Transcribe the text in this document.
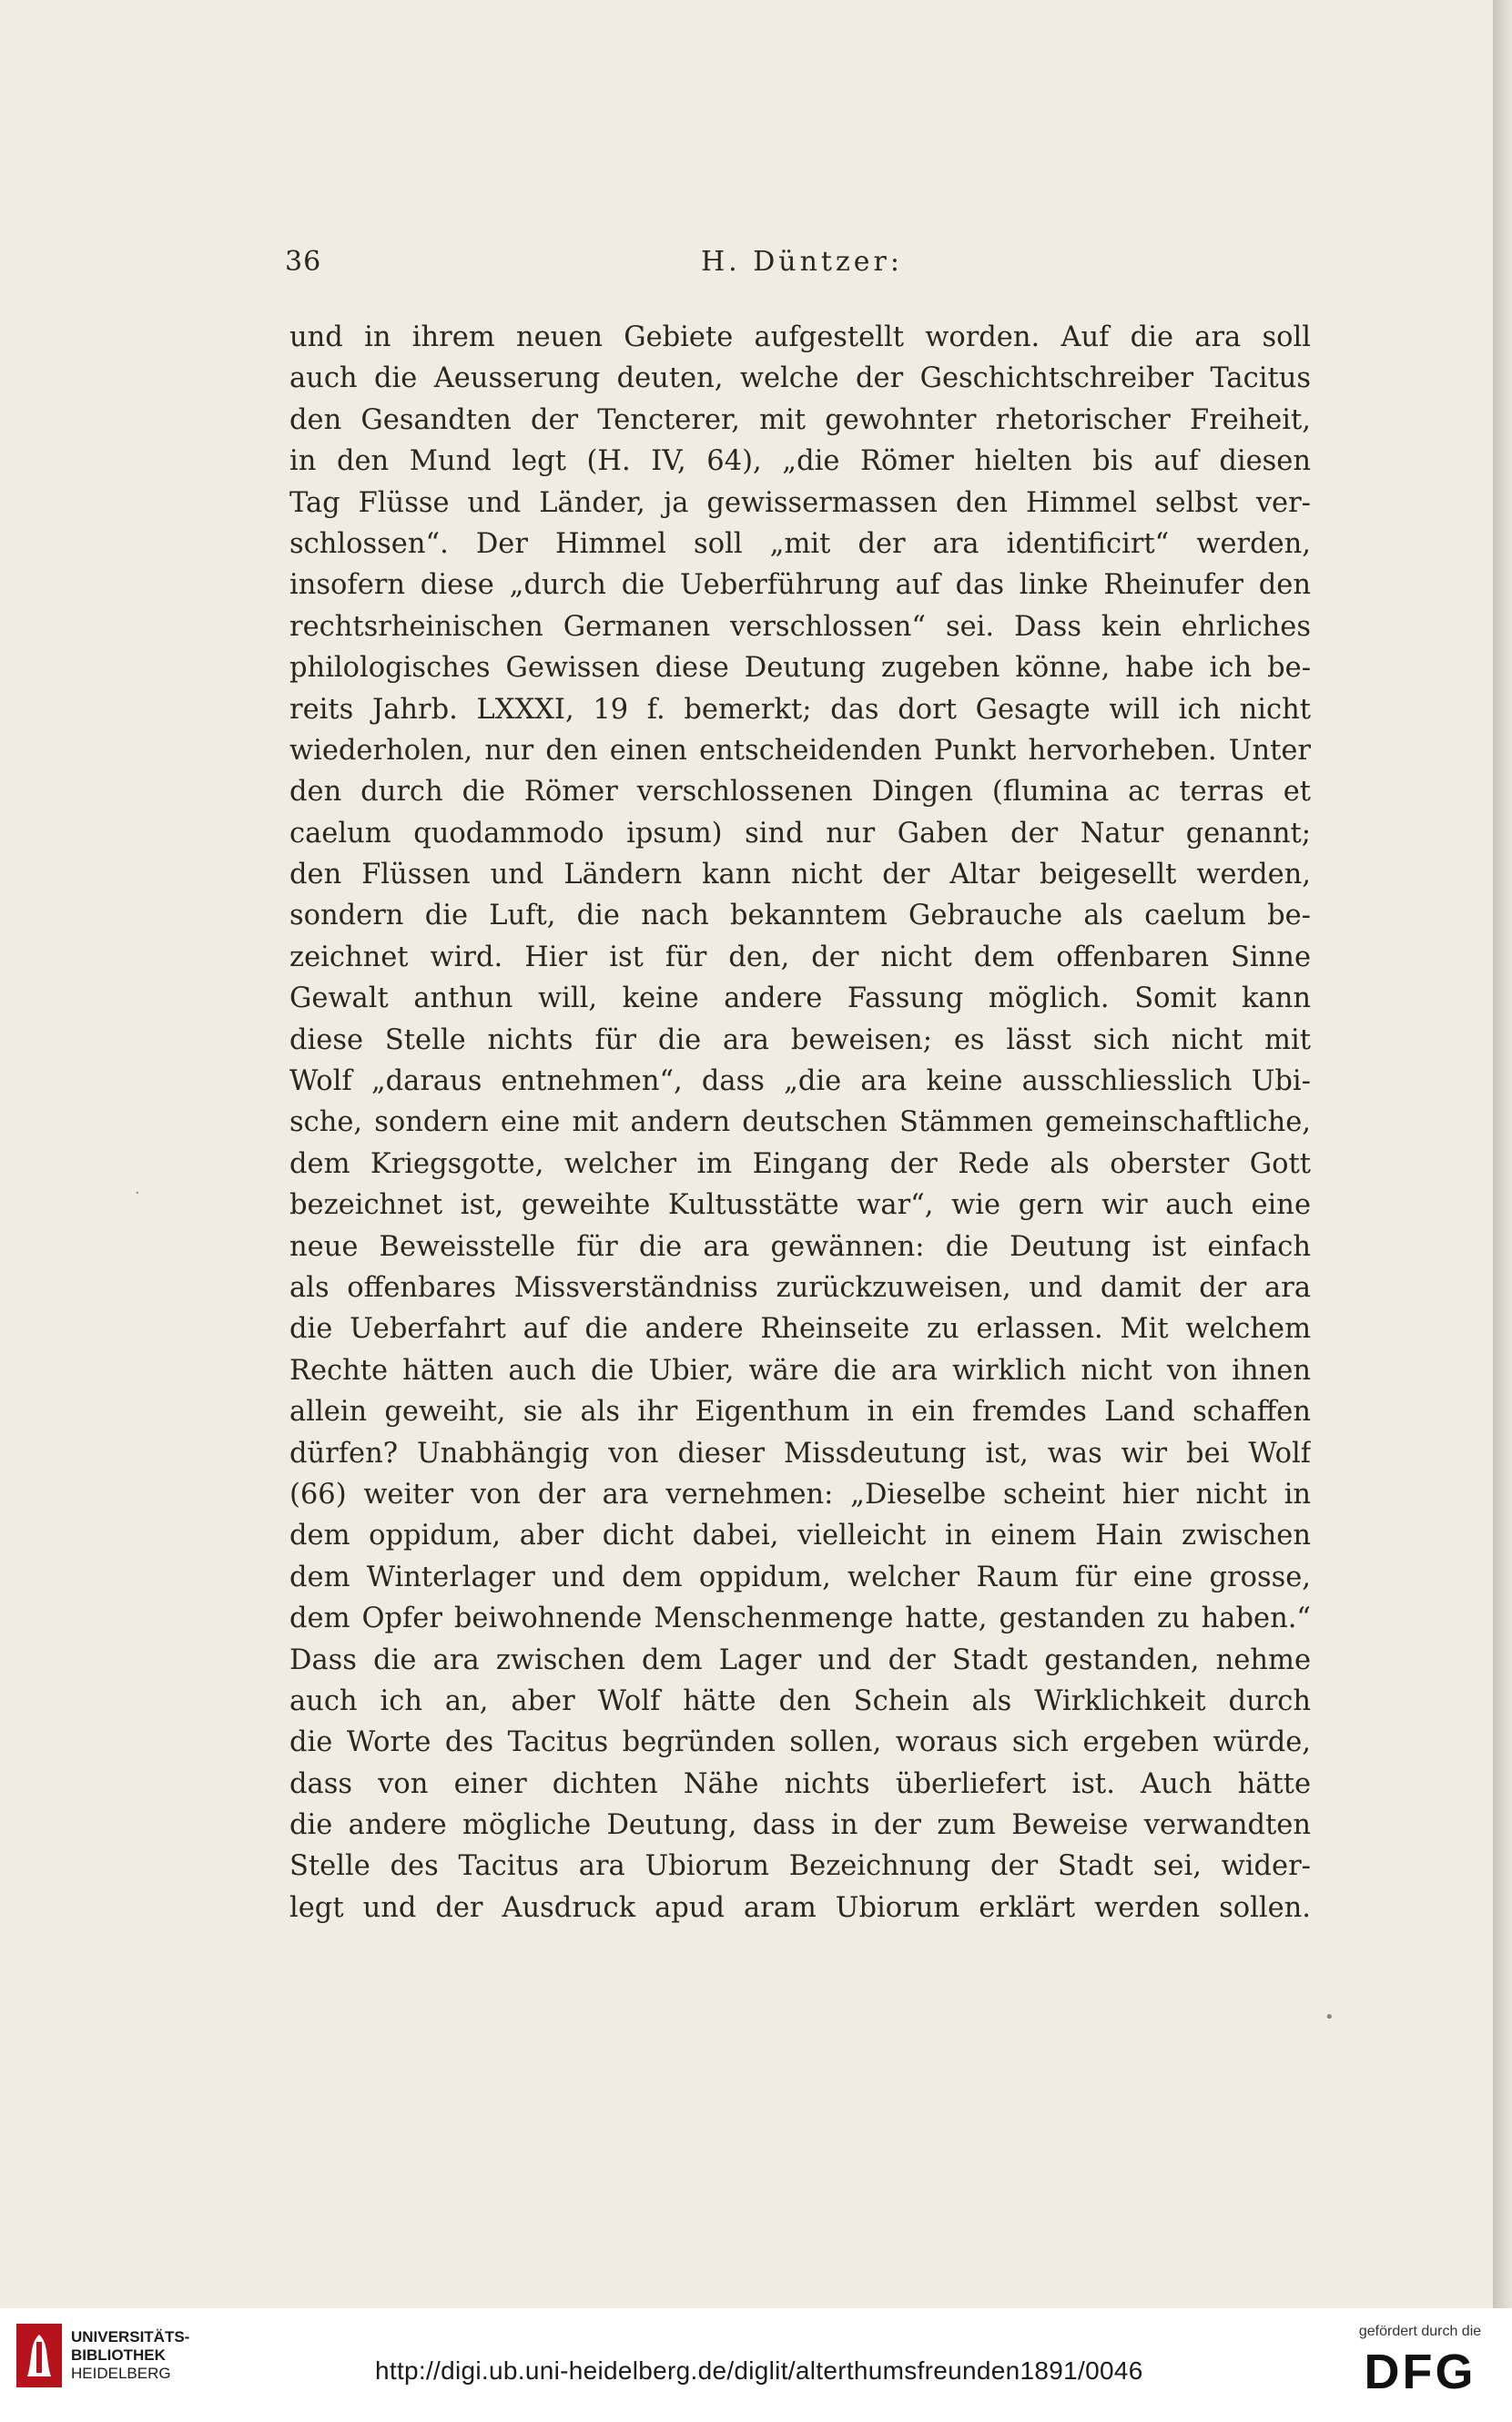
36	H. Düntzer:
und in ihrem neuen Gebiete aufgestellt worden. Auf die ara soll
auch die Aeusserung deuten, welche der Geschichtschreiber Tacitus
den Gesandten der Tencterer, mit gewohnter rhetorischer Freiheit,
in den Mund legt (H. IV, 64), „die Römer hielten bis auf diesen
Tag Flüsse und Länder, ja gewissermassen den Himmel selbst ver-
schlossen“. Der Himmel soll „mit der ara identificirt“ werden,
insofern diese „durch die Ueberführung auf das linke Rheinufer den
rechtsrheinischen Germanen verschlossen“ sei. Dass kein ehrliches
philologisches Gewissen diese Deutung zugeben könne, habe ich be-
reits Jahrb. LXXXI, 19 f. bemerkt; das dort Gesagte will ich nicht
wiederholen, nur den einen entscheidenden Punkt hervorheben. Unter
den durch die Römer verschlossenen Dingen (flumina ac terras et
caelum quodammodo ipsum) sind nur Gaben der Natur genannt;
den Flüssen und Ländern kann nicht der Altar beigesellt werden,
sondern die Luft, die nach bekanntem Gebrauche als caelum be-
zeichnet wird. Hier ist für den, der nicht dem offenbaren Sinne
Gewalt anthun will, keine andere Fassung möglich. Somit kann
diese Stelle nichts für die ara beweisen; es lässt sich nicht mit
Wolf „daraus entnehmen“, dass „die ara keine ausschliesslich Ubi-
sche, sondern eine mit andern deutschen Stämmen gemeinschaftliche,
dem Kriegsgotte, welcher im Eingang der Rede als oberster Gott
bezeichnet ist, geweihte Kultusstätte war“, wie gern wir auch eine
neue Beweisstelle für die ara gewännen: die Deutung ist einfach
als offenbares Missverständniss zurückzuweisen, und damit der ara
die Ueberfahrt auf die andere Rheinseite zu erlassen. Mit welchem
Rechte hätten auch die Ubier, wäre die ara wirklich nicht von ihnen
allein geweiht, sie als ihr Eigenthum in ein fremdes Land schaffen
dürfen? Unabhängig von dieser Missdeutung ist, was wir bei Wolf
(66) weiter von der ara vernehmen: „Dieselbe scheint hier nicht in
dem oppidum, aber dicht dabei, vielleicht in einem Hain zwischen
dem Winterlager und dem oppidum, welcher Raum für eine grosse,
dem Opfer beiwohnende Menschenmenge hatte, gestanden zu haben.“
Dass die ara zwischen dem Lager und der Stadt gestanden, nehme
auch ich an, aber Wolf hätte den Schein als Wirklichkeit durch
die Worte des Tacitus begründen sollen, woraus sich ergeben würde,
dass von einer dichten Nähe nichts überliefert ist. Auch hätte
die andere mögliche Deutung, dass in der zum Beweise verwandten
Stelle des Tacitus ara Ubiorum Bezeichnung der Stadt sei, wider-
legt und der Ausdruck apud aram Ubiorum erklärt werden sollen.
·
•
UNIVERSITÄTS-
BIBLIOTHEK
HEIDELBERG	http://digi.ub.uni-heidelberg.de/diglit/alterthumsfreunden1891/0046
gefördert durch die
DFG
